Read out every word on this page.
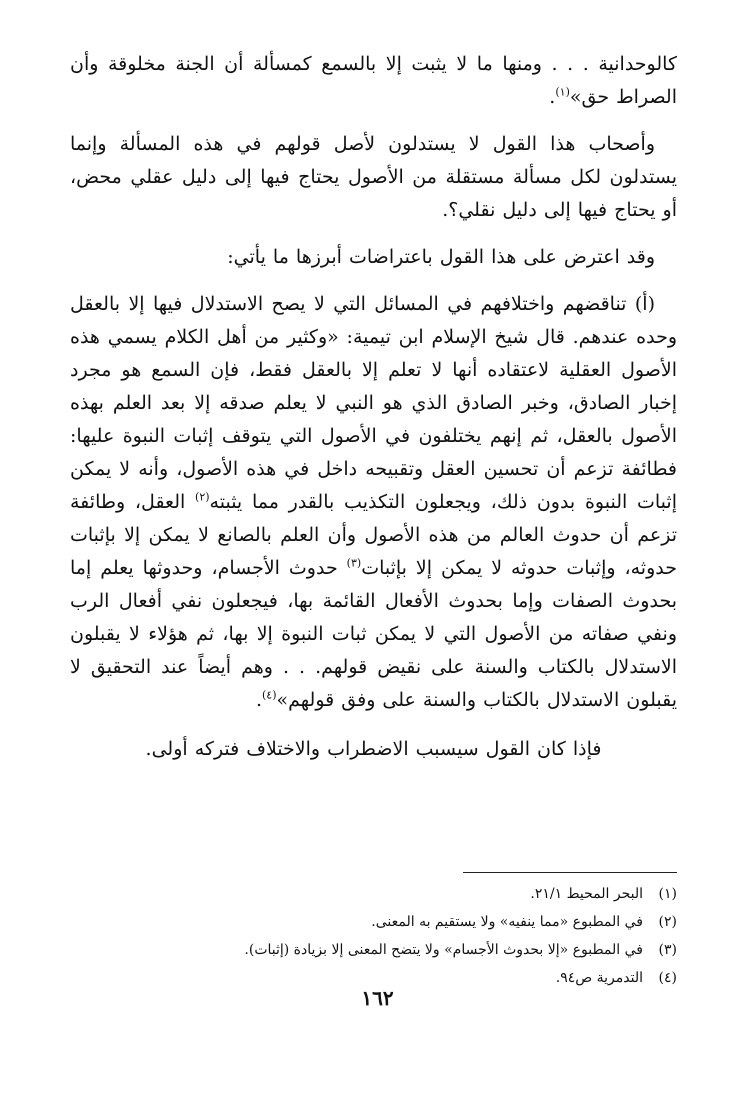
كالوحدانية . . . ومنها ما لا يثبت إلا بالسمع كمسألة أن الجنة مخلوقة وأن الصراط حق»$^{(١)}$.

وأصحاب هذا القول لا يستدلون لأصل قولهم في هذه المسألة وإنما يستدلون لكل مسألة مستقلة من الأصول يحتاج فيها إلى دليل عقلي محض، أو يحتاج فيها إلى دليل نقلي؟.

وقد اعترض على هذا القول باعتراضات أبرزها ما يأتي:

(أ) تناقضهم واختلافهم في المسائل التي لا يصح الاستدلال فيها إلا بالعقل وحده عندهم. قال شيخ الإسلام ابن تيمية: «وكثير من أهل الكلام يسمي هذه الأصول العقلية لاعتقاده أنها لا تعلم إلا بالعقل فقط، فإن السمع هو مجرد إخبار الصادق، وخبر الصادق الذي هو النبي لا يعلم صدقه إلا بعد العلم بهذه الأصول بالعقل، ثم إنهم يختلفون في الأصول التي يتوقف إثبات النبوة عليها: فطائفة تزعم أن تحسين العقل وتقبيحه داخل في هذه الأصول، وأنه لا يمكن إثبات النبوة بدون ذلك، ويجعلون التكذيب بالقدر مما يثبته$^{(٢)}$ العقل، وطائفة تزعم أن حدوث العالم من هذه الأصول وأن العلم بالصانع لا يمكن إلا بإثبات حدوثه، وإثبات حدوثه لا يمكن إلا بإثبات$^{(٣)}$ حدوث الأجسام، وحدوثها يعلم إما بحدوث الصفات وإما بحدوث الأفعال القائمة بها، فيجعلون نفي أفعال الرب ونفي صفاته من الأصول التي لا يمكن ثبات النبوة إلا بها، ثم هؤلاء لا يقبلون الاستدلال بالكتاب والسنة على نقيض قولهم. . . وهم أيضاً عند التحقيق لا يقبلون الاستدلال بالكتاب والسنة على وفق قولهم»$^{(٤)}$.

فإذا كان القول سيسبب الاضطراب والاختلاف فتركه أولى.

(١)البحر المحيط ٢١/١.
(٢)في المطبوع «مما ينفيه» ولا يستقيم به المعنى.
(٣)في المطبوع «إلا بحدوث الأجسام» ولا يتضح المعنى إلا بزيادة (إثبات).
(٤)التدمرية ص٩٤.
١٦٢
